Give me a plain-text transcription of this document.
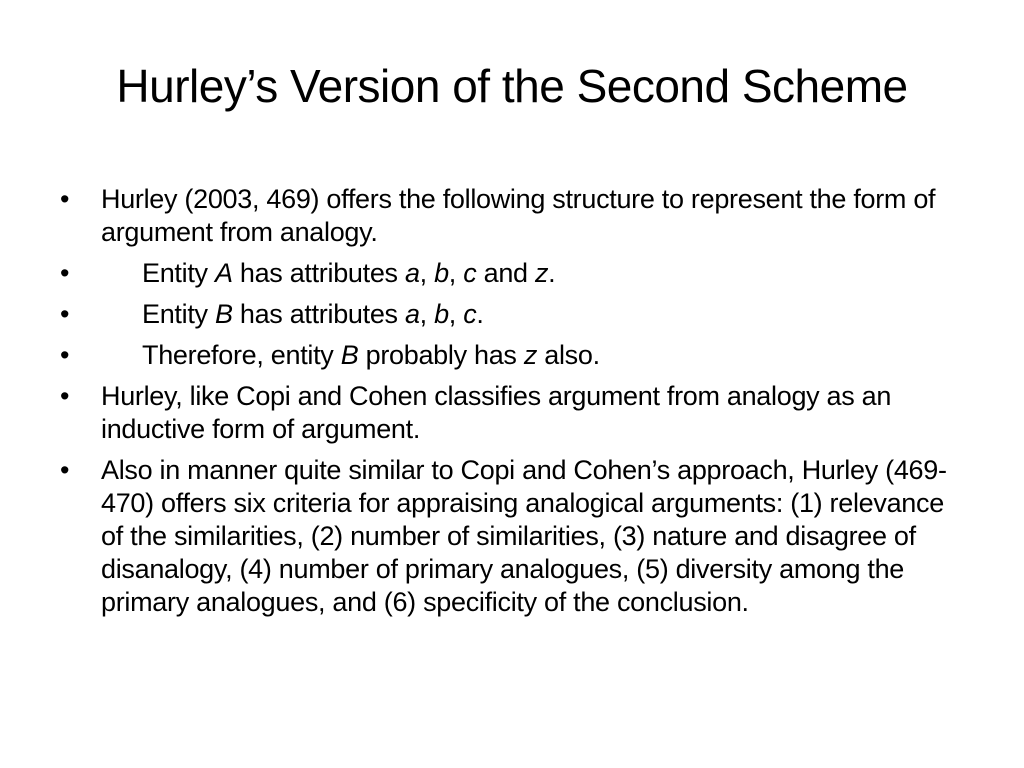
Hurley’s Version of the Second Scheme
•	Hurley (2003, 469) offers the following structure to represent the form of argument from analogy.
•	Entity A has attributes a, b, c and z.
•	Entity B has attributes a, b, c.
•	Therefore, entity B probably has z also.
•	Hurley, like Copi and Cohen classifies argument from analogy as an inductive form of argument.
•	Also in manner quite similar to Copi and Cohen’s approach, Hurley (469-470) offers six criteria for appraising analogical arguments: (1) relevance of the similarities, (2) number of similarities, (3) nature and disagree of disanalogy, (4) number of primary analogues, (5) diversity among the primary analogues, and (6) specificity of the conclusion.
